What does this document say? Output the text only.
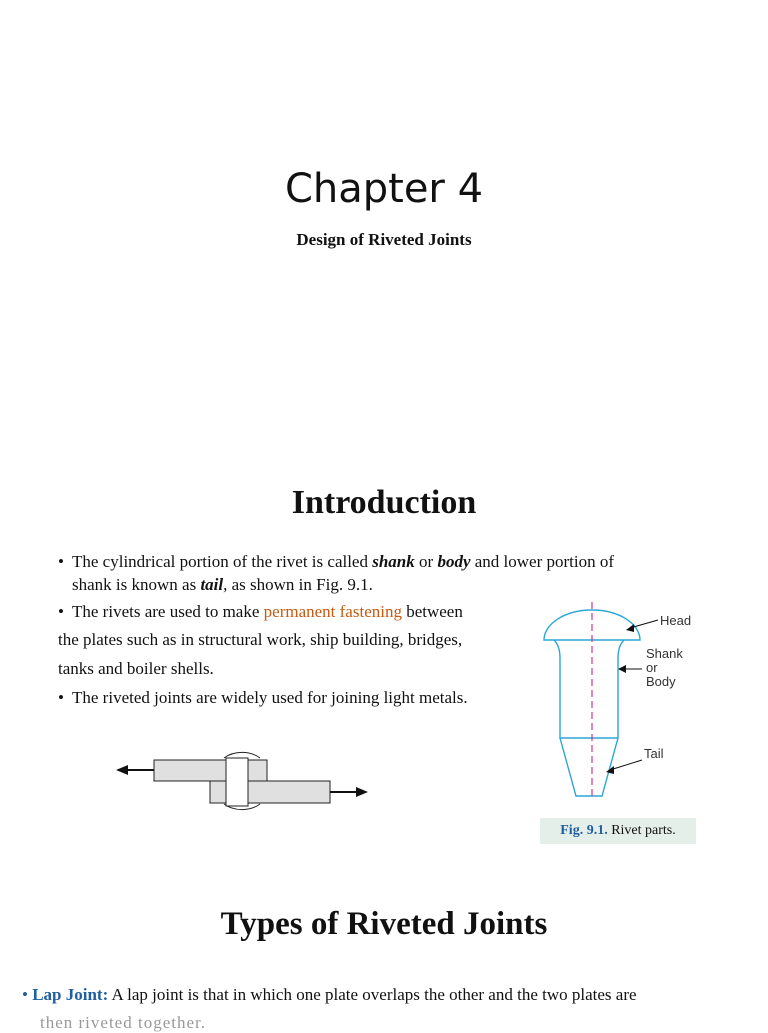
Chapter 4
Design of Riveted Joints
Introduction
• The cylindrical portion of the rivet is called shank or body and lower portion of
shank is known as tail, as shown in Fig. 9.1.
• The rivets are used to make permanent fastening between
the plates such as in structural work, ship building, bridges,
tanks and boiler shells.
• The riveted joints are widely used for joining light metals.
Head
Shank
or
Body
Tail
Fig. 9.1. Rivet parts.
Types of Riveted Joints
• Lap Joint: A lap joint is that in which one plate overlaps the other and the two plates are
then riveted together.
